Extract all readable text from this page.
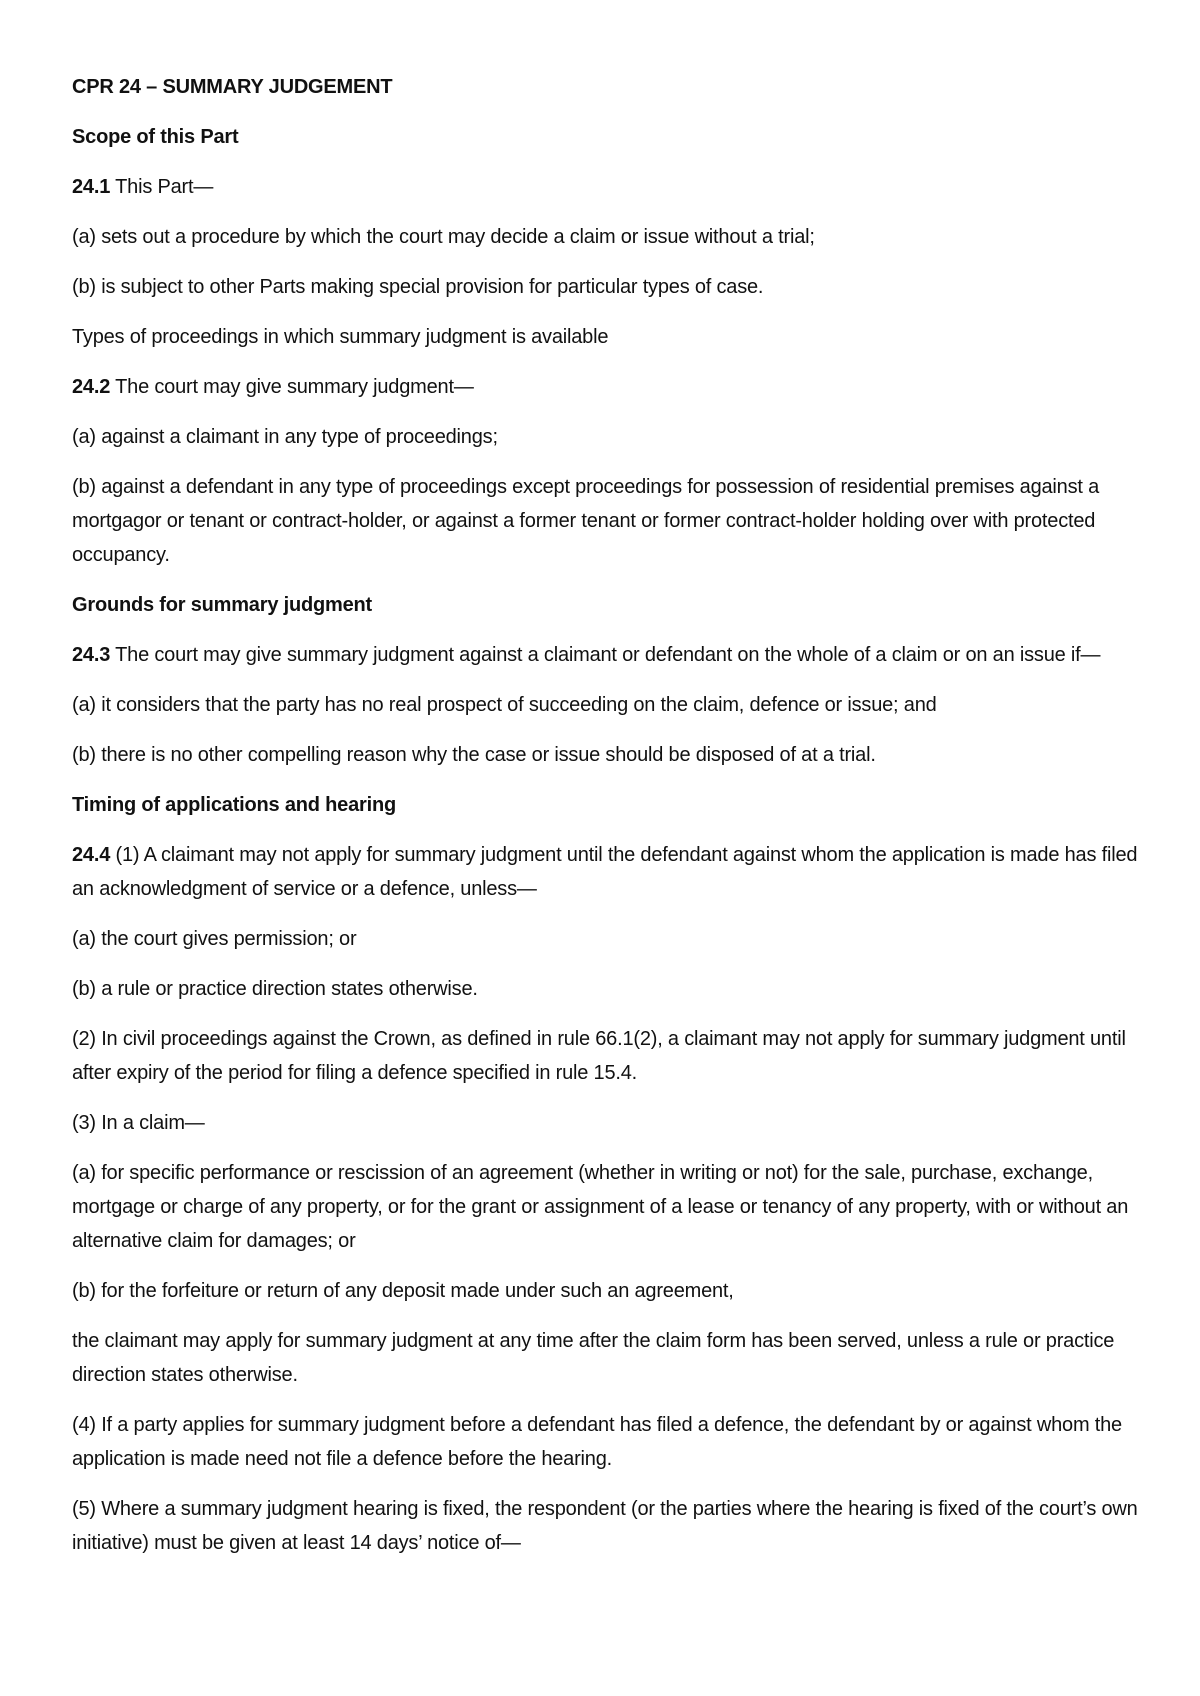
CPR 24 – SUMMARY JUDGEMENT

Scope of this Part

24.1 This Part—

(a) sets out a procedure by which the court may decide a claim or issue without a trial;

(b) is subject to other Parts making special provision for particular types of case.

Types of proceedings in which summary judgment is available

24.2 The court may give summary judgment—

(a) against a claimant in any type of proceedings;

(b) against a defendant in any type of proceedings except proceedings for possession of residential premises against a mortgagor or tenant or contract-holder, or against a former tenant or former contract-holder holding over with protected occupancy.

Grounds for summary judgment

24.3 The court may give summary judgment against a claimant or defendant on the whole of a claim or on an issue if—

(a) it considers that the party has no real prospect of succeeding on the claim, defence or issue; and

(b) there is no other compelling reason why the case or issue should be disposed of at a trial.

Timing of applications and hearing

24.4 (1) A claimant may not apply for summary judgment until the defendant against whom the application is made has filed an acknowledgment of service or a defence, unless—

(a) the court gives permission; or

(b) a rule or practice direction states otherwise.

(2) In civil proceedings against the Crown, as defined in rule 66.1(2), a claimant may not apply for summary judgment until after expiry of the period for filing a defence specified in rule 15.4.

(3) In a claim—

(a) for specific performance or rescission of an agreement (whether in writing or not) for the sale, purchase, exchange, mortgage or charge of any property, or for the grant or assignment of a lease or tenancy of any property, with or without an alternative claim for damages; or

(b) for the forfeiture or return of any deposit made under such an agreement,

the claimant may apply for summary judgment at any time after the claim form has been served, unless a rule or practice direction states otherwise.

(4) If a party applies for summary judgment before a defendant has filed a defence, the defendant by or against whom the application is made need not file a defence before the hearing.

(5) Where a summary judgment hearing is fixed, the respondent (or the parties where the hearing is fixed of the court’s own initiative) must be given at least 14 days’ notice of—
